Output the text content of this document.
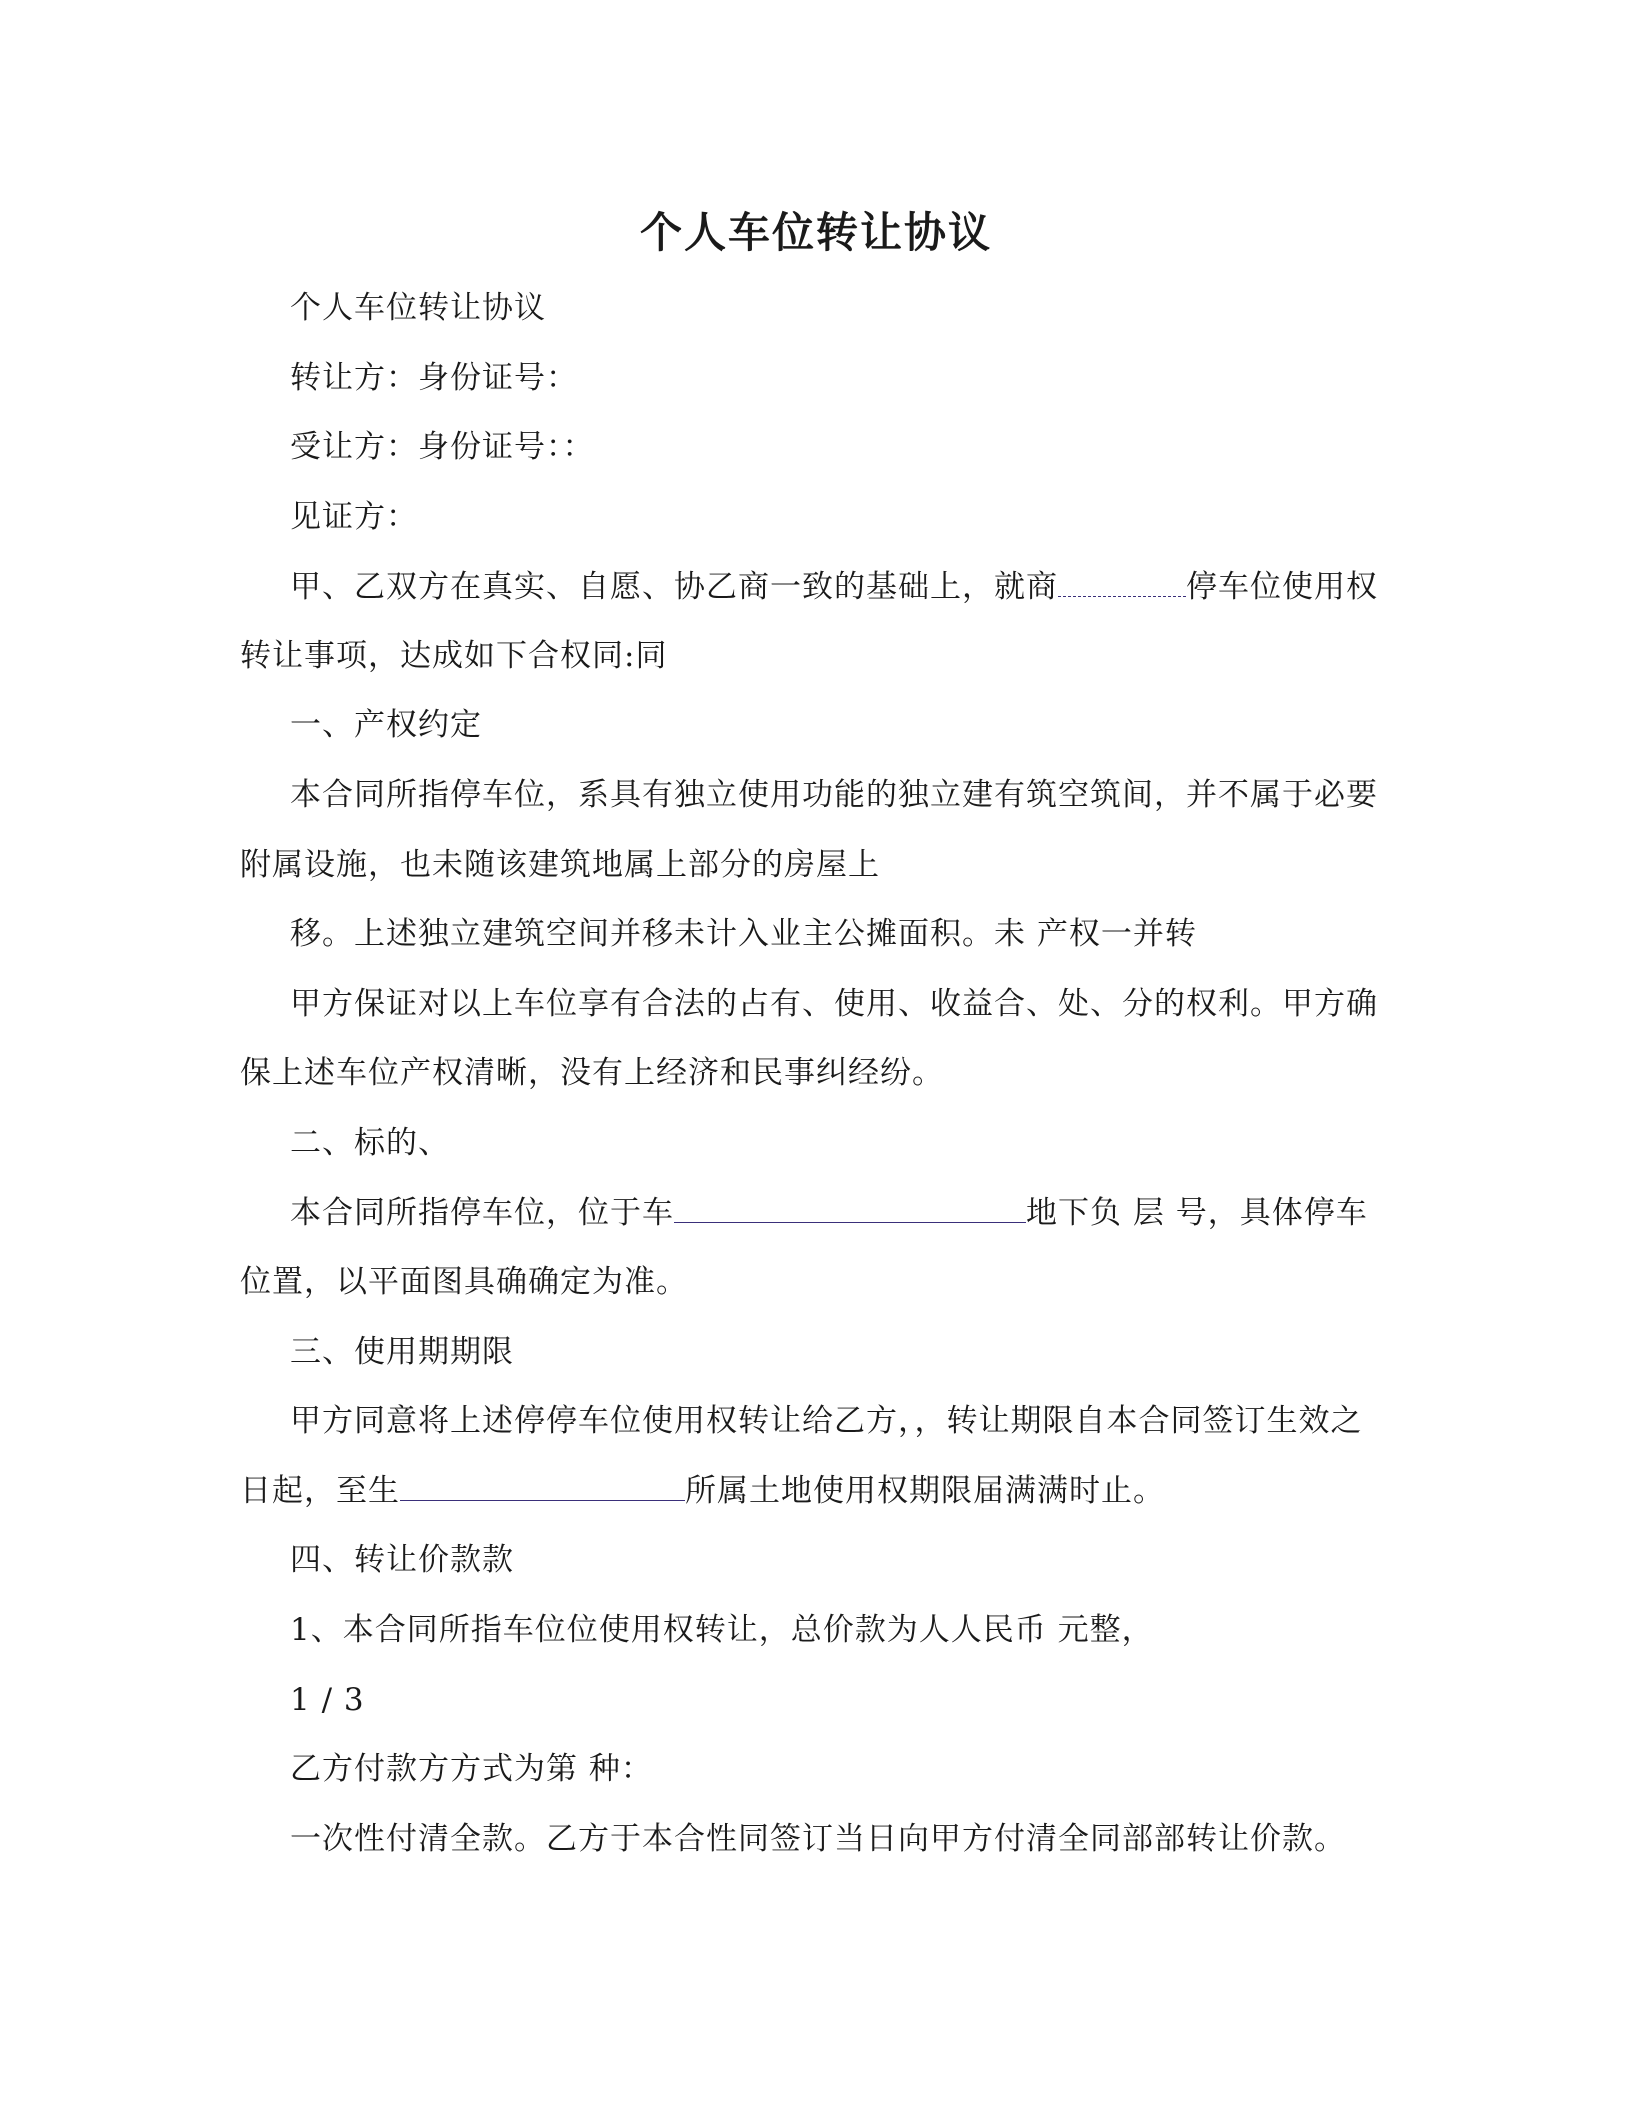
个人车位转让协议
个人车位转让协议
转让方：身份证号：
受让方：身份证号：：
见证方：
甲、乙双方在真实、自愿、协乙商一致的基础上，就商	停车位使用权
转让事项，达成如下合权同:同
一、产权约定
本合同所指停车位，系具有独立使用功能的独立建有筑空筑间，并不属于必要
附属设施，也未随该建筑地属上部分的房屋上
移。上述独立建筑空间并移未计入业主公摊面积。未 产权一并转
甲方保证对以上车位享有合法的占有、使用、收益合、处、分的权利。甲方确
保上述车位产权清晰，没有上经济和民事纠经纷。
二、标的、
本合同所指停车位，位于车	地下负 层 号，具体停车
位置，以平面图具确确定为准。
三、使用期期限
甲方同意将上述停停车位使用权转让给乙方，，转让期限自本合同签订生效之
日起，至生	所属土地使用权期限届满满时止。
四、转让价款款
1、本合同所指车位位使用权转让，总价款为人人民币 元整，
1 / 3
乙方付款方方式为第 种：
一次性付清全款。乙方于本合性同签订当日向甲方付清全同部部转让价款。
